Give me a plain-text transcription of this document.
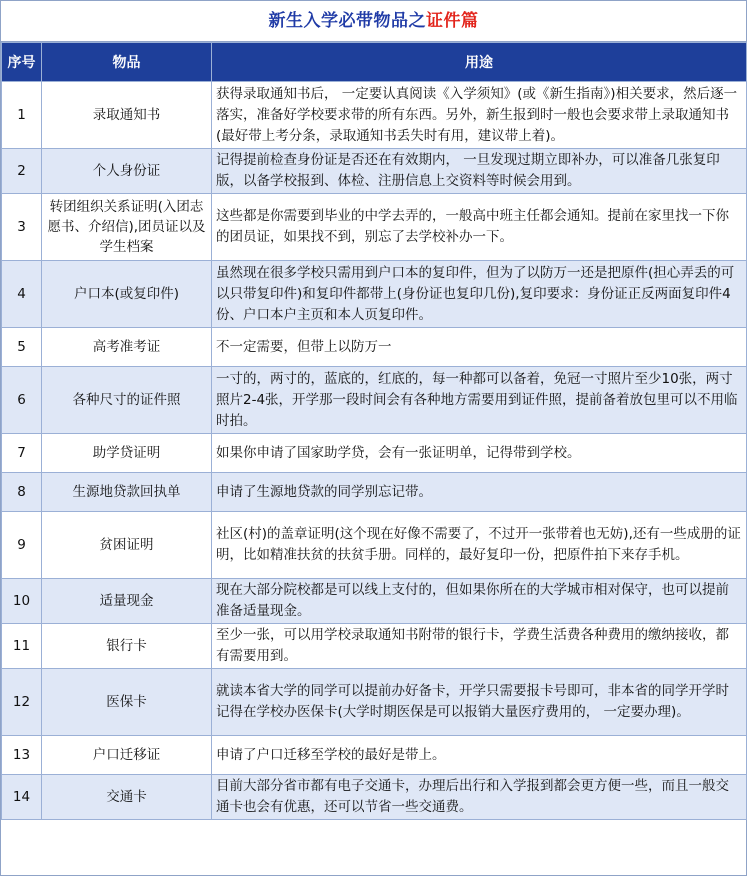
新生入学必带物品之证件篇
序号	物品	用途
1	录取通知书	获得录取通知书后， 一定要认真阅读《入学须知》(或《新生指南》)相关要求，然后逐一落实，准备好学校要求带的所有东西。另外，新生报到时一般也会要求带上录取通知书(最好带上考分条，录取通知书丢失时有用，建议带上着)。
2	个人身份证	记得提前检查身份证是否还在有效期内， 一旦发现过期立即补办，可以准备几张复印版，以备学校报到、体检、注册信息上交资料等时候会用到。
3	转团组织关系证明(入团志愿书、介绍信),团员证以及学生档案	这些都是你需要到毕业的中学去弄的，一般高中班主任都会通知。提前在家里找一下你的团员证，如果找不到，别忘了去学校补办一下。
4	户口本(或复印件)	虽然现在很多学校只需用到户口本的复印件，但为了以防万一还是把原件(担心弄丢的可以只带复印件)和复印件都带上(身份证也复印几份),复印要求：身份证正反两面复印件4份、户口本户主页和本人页复印件。
5	高考准考证	不一定需要，但带上以防万一
6	各种尺寸的证件照	一寸的，两寸的，蓝底的，红底的，每一种都可以备着，免冠一寸照片至少10张，两寸照片2-4张，开学那一段时间会有各种地方需要用到证件照，提前备着放包里可以不用临时拍。
7	助学贷证明	如果你申请了国家助学贷，会有一张证明单，记得带到学校。
8	生源地贷款回执单	申请了生源地贷款的同学别忘记带。
9	贫困证明	社区(村)的盖章证明(这个现在好像不需要了，不过开一张带着也无妨),还有一些成册的证明，比如精准扶贫的扶贫手册。同样的，最好复印一份，把原件拍下来存手机。
10	适量现金	现在大部分院校都是可以线上支付的，但如果你所在的大学城市相对保守，也可以提前准备适量现金。
11	银行卡	至少一张，可以用学校录取通知书附带的银行卡，学费生活费各种费用的缴纳接收，都有需要用到。
12	医保卡	就读本省大学的同学可以提前办好备卡，开学只需要报卡号即可，非本省的同学开学时记得在学校办医保卡(大学时期医保是可以报销大量医疗费用的， 一定要办理)。
13	户口迁移证	申请了户口迁移至学校的最好是带上。
14	交通卡	目前大部分省市都有电子交通卡，办理后出行和入学报到都会更方便一些，而且一般交通卡也会有优惠，还可以节省一些交通费。
